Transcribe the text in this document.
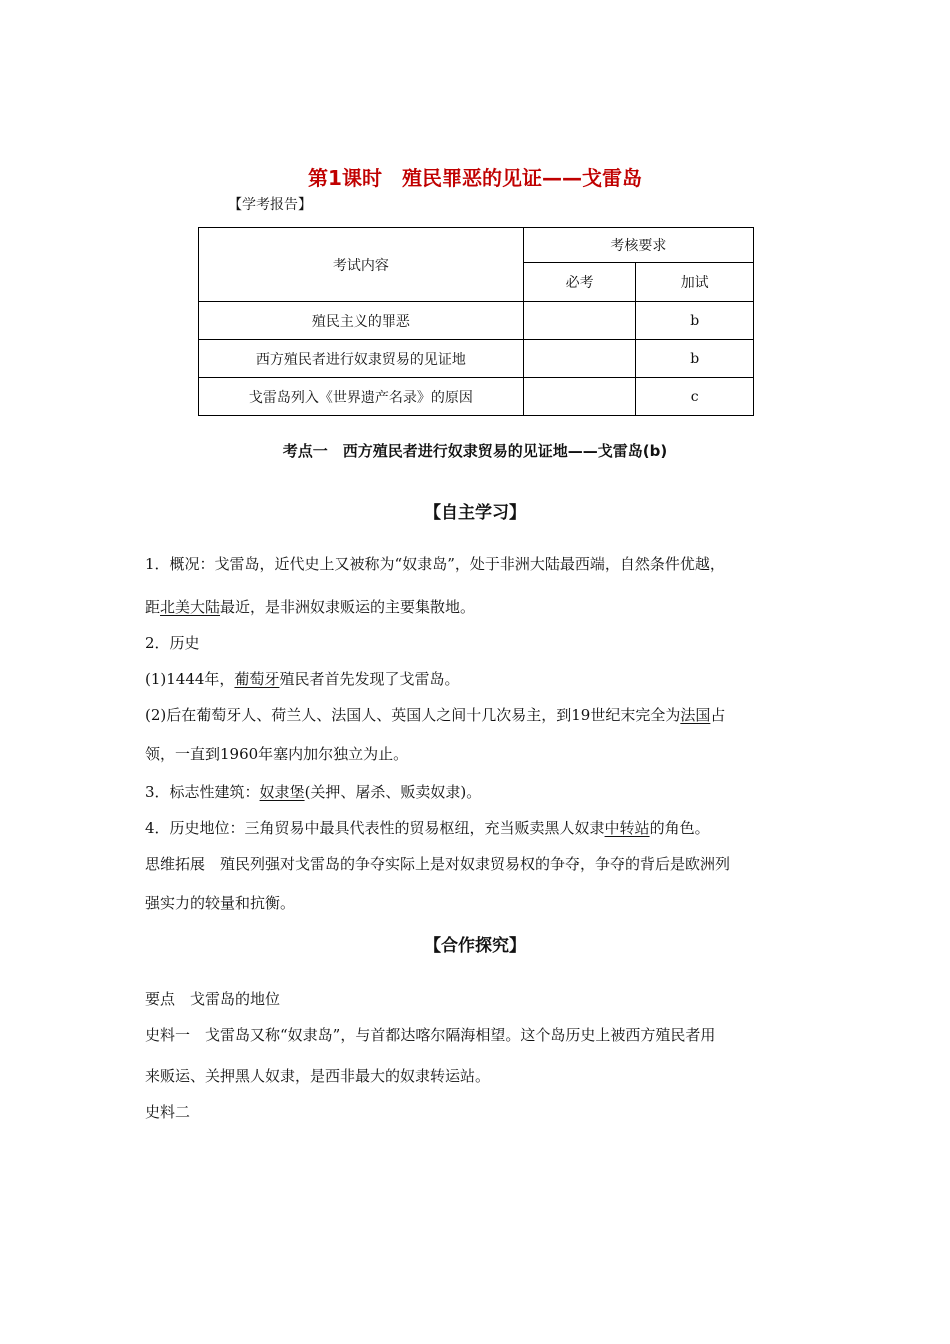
第1课时　殖民罪恶的见证——戈雷岛
【学考报告】
考试内容	考核要求	
	必考	加试
殖民主义的罪恶		b
西方殖民者进行奴隶贸易的见证地		b
戈雷岛列入《世界遗产名录》的原因		c
考点一　西方殖民者进行奴隶贸易的见证地——戈雷岛(b)
【自主学习】
1．概况：戈雷岛，近代史上又被称为“奴隶岛”，处于非洲大陆最西端，自然条件优越，
距北美大陆最近，是非洲奴隶贩运的主要集散地。
2．历史
(1)1444年，葡萄牙殖民者首先发现了戈雷岛。
(2)后在葡萄牙人、荷兰人、法国人、英国人之间十几次易主，到19世纪末完全为法国占
领，一直到1960年塞内加尔独立为止。
3．标志性建筑：奴隶堡(关押、屠杀、贩卖奴隶)。
4．历史地位：三角贸易中最具代表性的贸易枢纽，充当贩卖黑人奴隶中转站的角色。
思维拓展　殖民列强对戈雷岛的争夺实际上是对奴隶贸易权的争夺，争夺的背后是欧洲列
强实力的较量和抗衡。
【合作探究】
要点　戈雷岛的地位
史料一　戈雷岛又称“奴隶岛”，与首都达喀尔隔海相望。这个岛历史上被西方殖民者用
来贩运、关押黑人奴隶，是西非最大的奴隶转运站。
史料二
